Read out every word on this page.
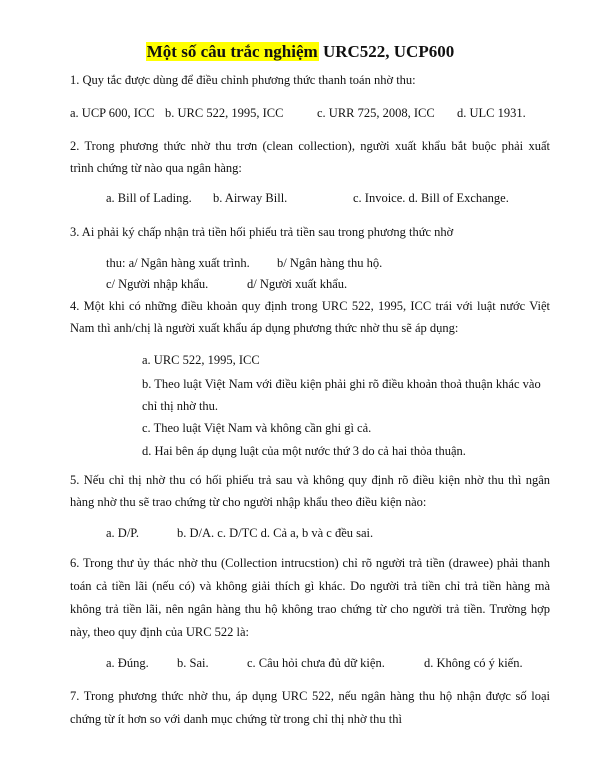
Một số câu trắc nghiệm URC522, UCP600
1. Quy tắc được dùng để điều chỉnh phương thức thanh toán nhờ thu:
a. UCP 600, ICC b. URC 522, 1995, ICC	c. URR 725, 2008, ICC d. ULC 1931.
2. Trong phương thức nhờ thu trơn (clean collection), người xuất khẩu bắt buộc phải xuất
trình chứng từ nào qua ngân hàng:
a. Bill of Lading. b. Airway Bill.	c. Invoice. d. Bill of Exchange.
3. Ai phải ký chấp nhận trả tiền hối phiếu trả tiền sau trong phương thức nhờ
thu: a/ Ngân hàng xuất trình. b/ Ngân hàng thu hộ.
c/ Người nhập khẩu.	d/ Người xuất khẩu.
4. Một khi có những điều khoản quy định trong URC 522, 1995, ICC trái với luật nước Việt
Nam thì anh/chị là người xuất khẩu áp dụng phương thức nhờ thu sẽ áp dụng:
a. URC 522, 1995, ICC
b. Theo luật Việt Nam với điều kiện phải ghi rõ điều khoản thoả thuận khác vào
chỉ thị nhờ thu.
c. Theo luật Việt Nam và không cần ghi gì cả.
d. Hai bên áp dụng luật của một nước thứ 3 do cả hai thỏa thuận.
5. Nếu chỉ thị nhờ thu có hối phiếu trả sau và không quy định rõ điều kiện nhờ thu thì ngân
hàng nhờ thu sẽ trao chứng từ cho người nhập khẩu theo điều kiện nào:
a. D/P.	b. D/A. c. D/TC d. Cả a, b và c đều sai.
6. Trong thư ủy thác nhờ thu (Collection intrucstion) chỉ rõ người trả tiền (drawee) phải thanh
toán cả tiền lãi (nếu có) và không giải thích gì khác. Do người trả tiền chỉ trả tiền hàng mà
không trả tiền lãi, nên ngân hàng thu hộ không trao chứng từ cho người trả tiền. Trường hợp
này, theo quy định của URC 522 là:
a. Đúng. b. Sai.	c. Câu hỏi chưa đủ dữ kiện.	d. Không có ý kiến.
7. Trong phương thức nhờ thu, áp dụng URC 522, nếu ngân hàng thu hộ nhận được số loại
chứng từ ít hơn so với danh mục chứng từ trong chỉ thị nhờ thu thì
